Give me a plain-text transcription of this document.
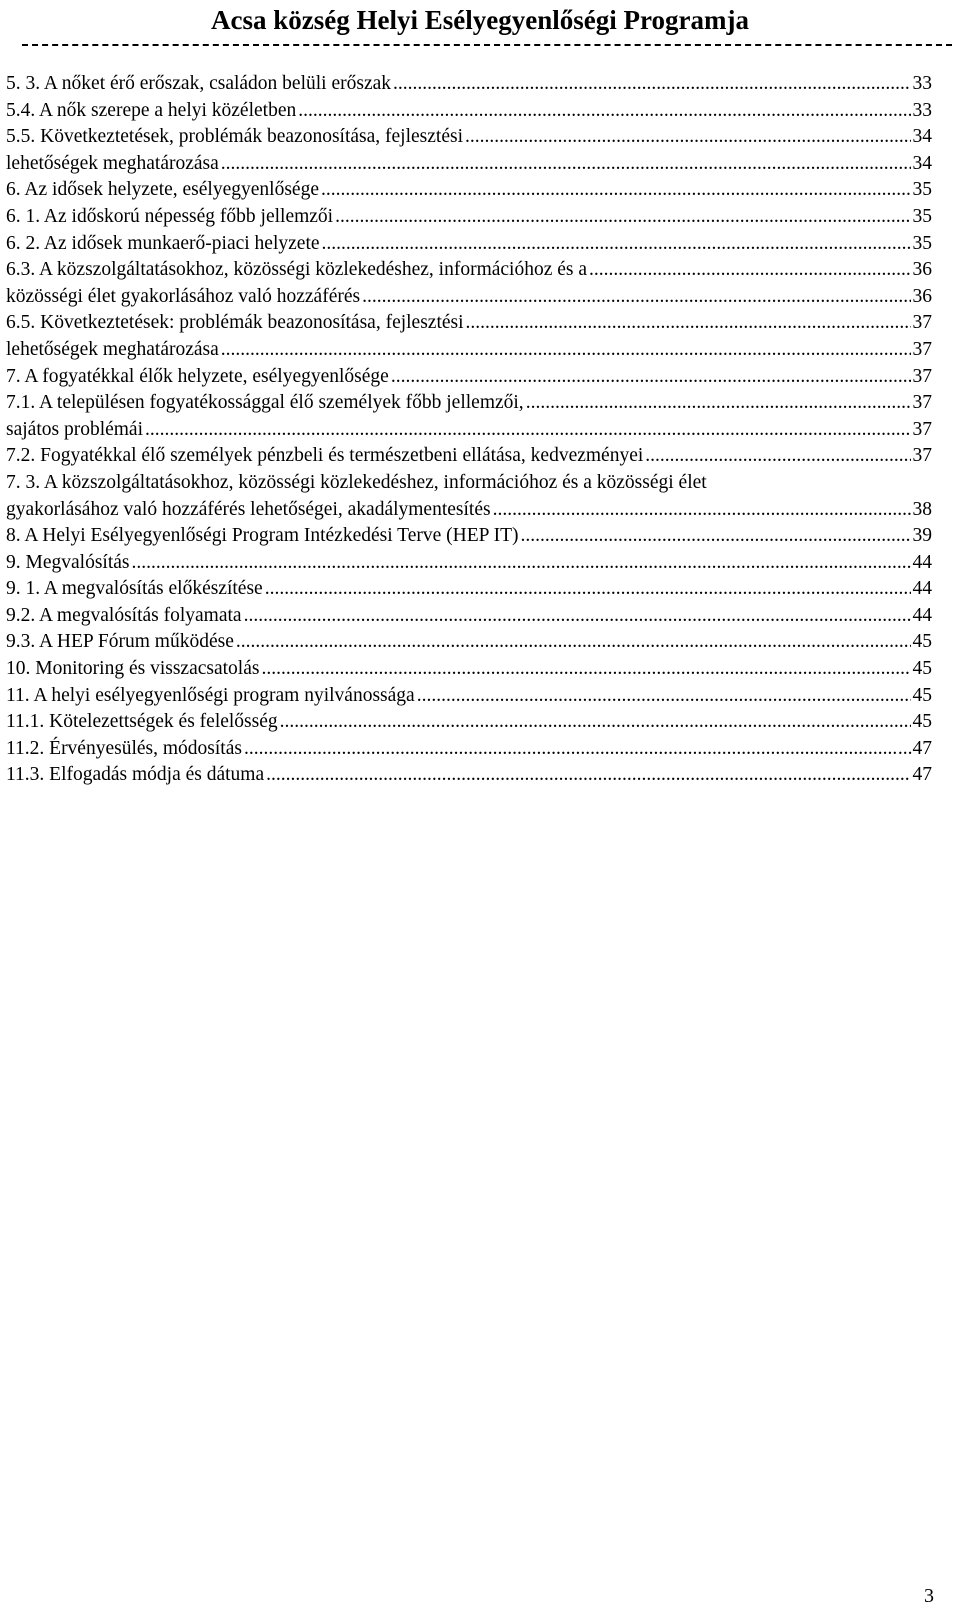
Acsa község Helyi Esélyegyenlőségi Programja
5. 3. A nőket érő erőszak, családon belüli erőszak .....	33
5.4. A nők szerepe a helyi közéletben .....	33
5.5. Következtetések, problémák beazonosítása, fejlesztési .....	34
lehetőségek meghatározása .....	34
6. Az idősek helyzete, esélyegyenlősége .....	35
6. 1. Az időskorú népesség főbb jellemzői .....	35
6. 2. Az idősek munkaerő-piaci helyzete .....	35
6.3. A közszolgáltatásokhoz, közösségi közlekedéshez, információhoz és a .....	36
közösségi élet gyakorlásához való hozzáférés .....	36
6.5. Következtetések: problémák beazonosítása, fejlesztési .....	37
lehetőségek meghatározása .....	37
7. A fogyatékkal élők helyzete, esélyegyenlősége .....	37
7.1. A településen fogyatékossággal élő személyek főbb jellemzői, .....	37
sajátos problémái .....	37
7.2. Fogyatékkal élő személyek pénzbeli és természetbeni ellátása, kedvezményei .....	37
7. 3. A közszolgáltatásokhoz, közösségi közlekedéshez, információhoz és a közösségi élet
gyakorlásához való hozzáférés lehetőségei, akadálymentesítés .....	38
8. A Helyi Esélyegyenlőségi Program Intézkedési Terve (HEP IT) .....	39
9. Megvalósítás .....	44
9. 1. A megvalósítás előkészítése .....	44
9.2. A megvalósítás folyamata .....	44
9.3. A HEP Fórum működése .....	45
10. Monitoring és visszacsatolás .....	45
11. A helyi esélyegyenlőségi program nyilvánossága .....	45
11.1. Kötelezettségek és felelősség .....	45
11.2. Érvényesülés, módosítás .....	...47
11.3. Elfogadás módja és dátuma .....	47
3
